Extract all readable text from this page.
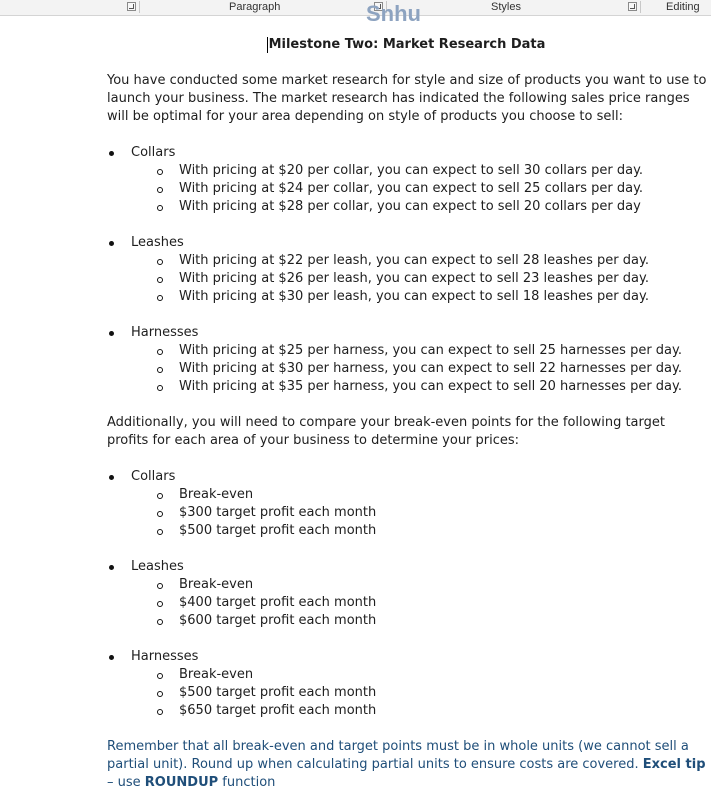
Paragraph	Styles	Editing
Snhu
Milestone Two: Market Research Data

You have conducted some market research for style and size of products you want to use to launch your business. The market research has indicated the following sales price ranges will be optimal for your area depending on style of products you choose to sell:

Collars
With pricing at $20 per collar, you can expect to sell 30 collars per day.
With pricing at $24 per collar, you can expect to sell 25 collars per day.
With pricing at $28 per collar, you can expect to sell 20 collars per day
Leashes
With pricing at $22 per leash, you can expect to sell 28 leashes per day.
With pricing at $26 per leash, you can expect to sell 23 leashes per day.
With pricing at $30 per leash, you can expect to sell 18 leashes per day.
Harnesses
With pricing at $25 per harness, you can expect to sell 25 harnesses per day.
With pricing at $30 per harness, you can expect to sell 22 harnesses per day.
With pricing at $35 per harness, you can expect to sell 20 harnesses per day.

Additionally, you will need to compare your break-even points for the following target profits for each area of your business to determine your prices:

Collars
Break-even
$300 target profit each month
$500 target profit each month
Leashes
Break-even
$400 target profit each month
$600 target profit each month
Harnesses
Break-even
$500 target profit each month
$650 target profit each month

Remember that all break-even and target points must be in whole units (we cannot sell a partial unit). Round up when calculating partial units to ensure costs are covered. Excel tip – use ROUNDUP function
